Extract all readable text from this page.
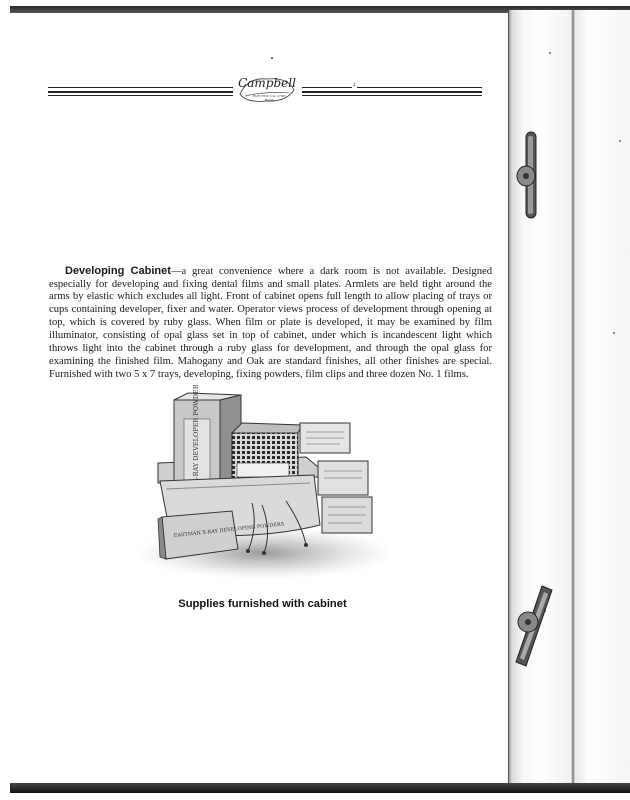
Campbell
ELECTRIC CO. LYNN, MASS.
2

Developing Cabinet—a great convenience where a dark room is not available. Designed especially for developing and fixing dental films and small plates. Armlets are held tight around the arms by elastic which excludes all light. Front of cabinet opens full length to allow placing of trays or cups containing developer, fixer and water. Operator views process of development through opening at top, which is covered by ruby glass. When film or plate is developed, it may be examined by film illuminator, consisting of opal glass set in top of cabinet, under which is incandescent light which throws light into the cabinet through a ruby glass for development, and through the opal glass for examining the finished film. Mahogany and Oak are standard finishes, all other finishes are special. Furnished with two 5 x 7 trays, developing, fixing powders, film clips and three dozen No. 1 films.

X-RAY DEVELOPER POWDERS
EASTMAN X-RAY DEVELOPING POWDERS
Supplies furnished with cabinet
